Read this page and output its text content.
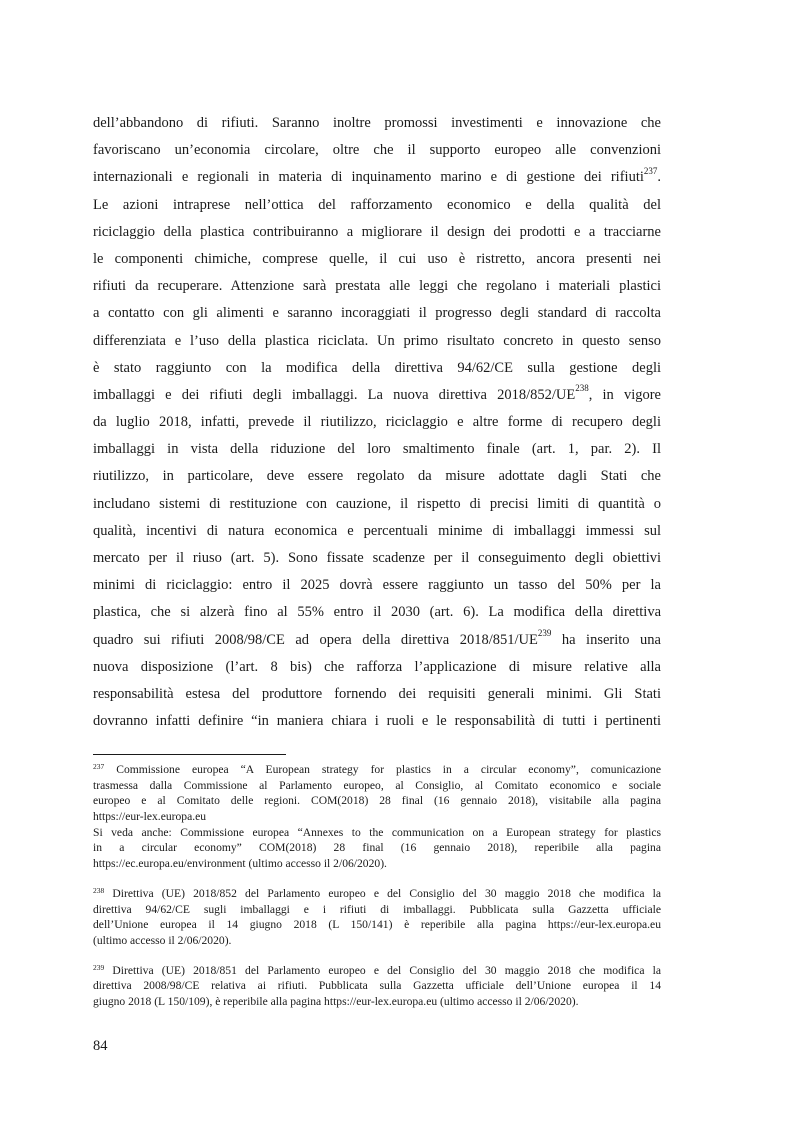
dell’abbandono di rifiuti. Saranno inoltre promossi investimenti e innovazione che
favoriscano un’economia circolare, oltre che il supporto europeo alle convenzioni
internazionali e regionali in materia di inquinamento marino e di gestione dei rifiuti$^{237}$.
Le azioni intraprese nell’ottica del rafforzamento economico e della qualità del
riciclaggio della plastica contribuiranno a migliorare il design dei prodotti e a tracciarne
le componenti chimiche, comprese quelle, il cui uso è ristretto, ancora presenti nei
rifiuti da recuperare. Attenzione sarà prestata alle leggi che regolano i materiali plastici
a contatto con gli alimenti e saranno incoraggiati il progresso degli standard di raccolta
differenziata e l’uso della plastica riciclata. Un primo risultato concreto in questo senso
è stato raggiunto con la modifica della direttiva 94/62/CE sulla gestione degli
imballaggi e dei rifiuti degli imballaggi. La nuova direttiva 2018/852/UE$^{238}$, in vigore
da luglio 2018, infatti, prevede il riutilizzo, riciclaggio e altre forme di recupero degli
imballaggi in vista della riduzione del loro smaltimento finale (art. 1, par. 2). Il
riutilizzo, in particolare, deve essere regolato da misure adottate dagli Stati che
includano sistemi di restituzione con cauzione, il rispetto di precisi limiti di quantità o
qualità, incentivi di natura economica e percentuali minime di imballaggi immessi sul
mercato per il riuso (art. 5). Sono fissate scadenze per il conseguimento degli obiettivi
minimi di riciclaggio: entro il 2025 dovrà essere raggiunto un tasso del 50% per la
plastica, che si alzerà fino al 55% entro il 2030 (art. 6). La modifica della direttiva
quadro sui rifiuti 2008/98/CE ad opera della direttiva 2018/851/UE$^{239}$ ha inserito una
nuova disposizione (l’art. 8 bis) che rafforza l’applicazione di misure relative alla
responsabilità estesa del produttore fornendo dei requisiti generali minimi. Gli Stati
dovranno infatti definire “in maniera chiara i ruoli e le responsabilità di tutti i pertinenti
$^{237}$ Commissione europea “A European strategy for plastics in a circular economy”, comunicazione
trasmessa dalla Commissione al Parlamento europeo, al Consiglio, al Comitato economico e sociale
europeo e al Comitato delle regioni. COM(2018) 28 final (16 gennaio 2018), visitabile alla pagina
https://eur-lex.europa.eu
Si veda anche: Commissione europea “Annexes to the communication on a European strategy for plastics
in a circular economy” COM(2018) 28 final (16 gennaio 2018), reperibile alla pagina
https://ec.europa.eu/environment (ultimo accesso il 2/06/2020).
$^{238}$ Direttiva (UE) 2018/852 del Parlamento europeo e del Consiglio del 30 maggio 2018 che modifica la
direttiva 94/62/CE sugli imballaggi e i rifiuti di imballaggi. Pubblicata sulla Gazzetta ufficiale
dell’Unione europea il 14 giugno 2018 (L 150/141) è reperibile alla pagina https://eur-lex.europa.eu
(ultimo accesso il 2/06/2020).
$^{239}$ Direttiva (UE) 2018/851 del Parlamento europeo e del Consiglio del 30 maggio 2018 che modifica la
direttiva 2008/98/CE relativa ai rifiuti. Pubblicata sulla Gazzetta ufficiale dell’Unione europea il 14
giugno 2018 (L 150/109), è reperibile alla pagina https://eur-lex.europa.eu (ultimo accesso il 2/06/2020).
84
